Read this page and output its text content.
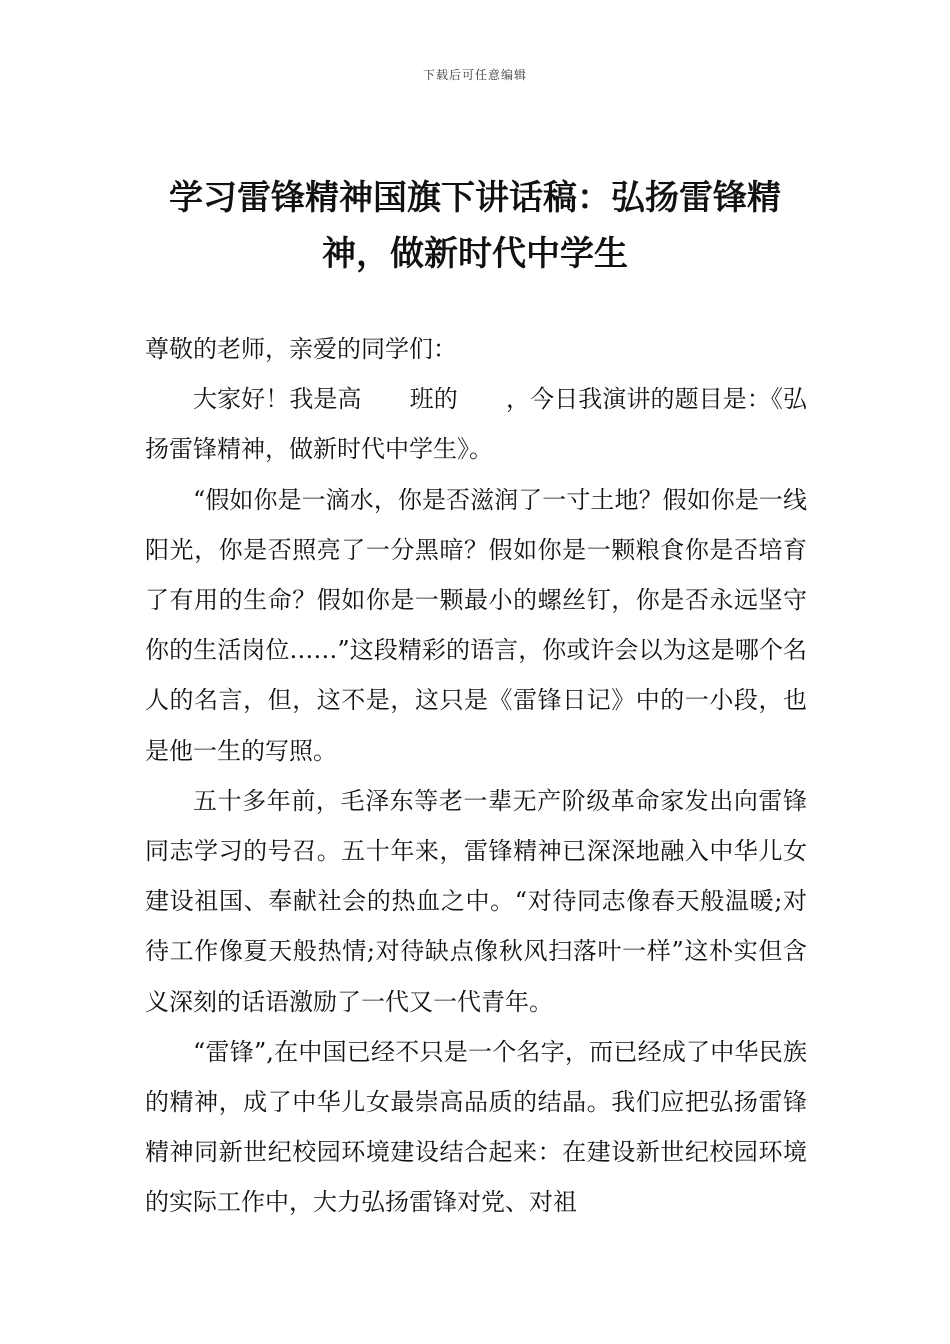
下载后可任意编辑
学习雷锋精神国旗下讲话稿：弘扬雷锋精神，做新时代中学生

尊敬的老师，亲爱的同学们：

大家好！我是高　　班的　　，今日我演讲的题目是：《弘扬雷锋精神，做新时代中学生》。

“假如你是一滴水，你是否滋润了一寸土地？假如你是一线阳光，你是否照亮了一分黑暗？假如你是一颗粮食你是否培育了有用的生命？假如你是一颗最小的螺丝钉，你是否永远坚守你的生活岗位……”这段精彩的语言，你或许会以为这是哪个名人的名言，但，这不是，这只是《雷锋日记》中的一小段，也是他一生的写照。

五十多年前，毛泽东等老一辈无产阶级革命家发出向雷锋同志学习的号召。五十年来，雷锋精神已深深地融入中华儿女建设祖国、奉献社会的热血之中。“对待同志像春天般温暖;对待工作像夏天般热情;对待缺点像秋风扫落叶一样”这朴实但含义深刻的话语激励了一代又一代青年。

“雷锋”,在中国已经不只是一个名字，而已经成了中华民族的精神，成了中华儿女最崇高品质的结晶。我们应把弘扬雷锋精神同新世纪校园环境建设结合起来：在建设新世纪校园环境的实际工作中，大力弘扬雷锋对党、对祖
